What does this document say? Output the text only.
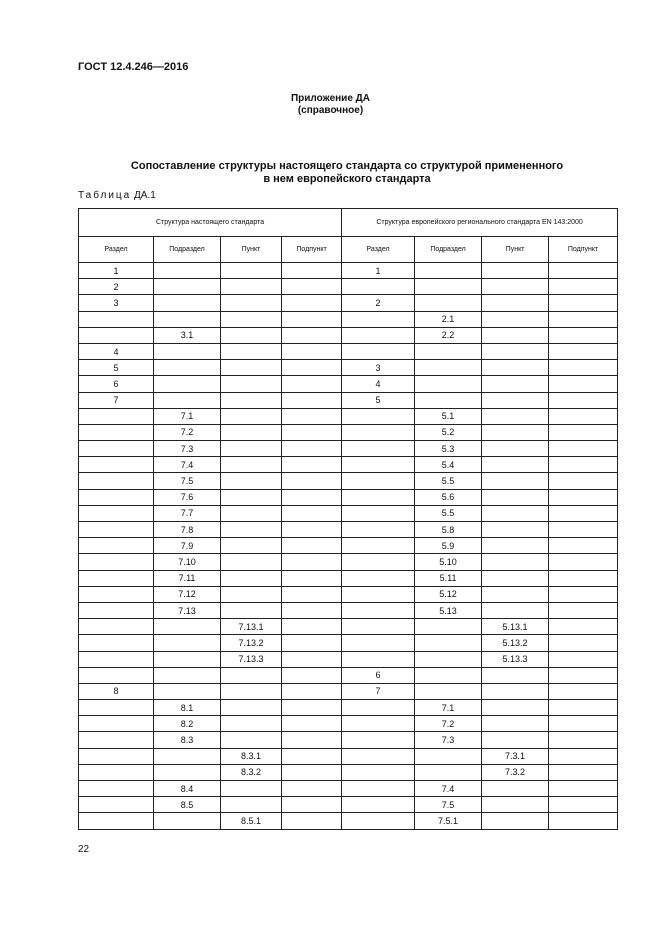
ГОСТ 12.4.246—2016
Приложение ДА
(справочное)
Сопоставление структуры настоящего стандарта со структурой примененного
в нем европейского стандарта
Таблица ДА.1
Структура настоящего стандарта				Структура европейского регионального стандарта EN 143:2000			
Раздел	Подраздел	Пункт	Подпункт	Раздел	Подраздел	Пункт	Подпункт
1				1			
2							
3				2			
					2.1		
	3.1				2.2		
4							
5				3			
6				4			
7				5			
	7.1				5.1		
	7.2				5.2		
	7.3				5.3		
	7.4				5.4		
	7.5				5.5		
	7.6				5.6		
	7.7				5.5		
	7.8				5.8		
	7.9				5.9		
	7.10				5.10		
	7.11				5.11		
	7.12				5.12		
	7.13				5.13		
		7.13.1				5.13.1	
		7.13.2				5.13.2	
		7.13.3				5.13.3	
				6			
8				7			
	8.1				7.1		
	8.2				7.2		
	8.3				7.3		
		8.3.1				7.3.1	
		8.3.2				7.3.2	
	8.4				7.4		
	8.5				7.5		
		8.5.1			7.5.1		
22
